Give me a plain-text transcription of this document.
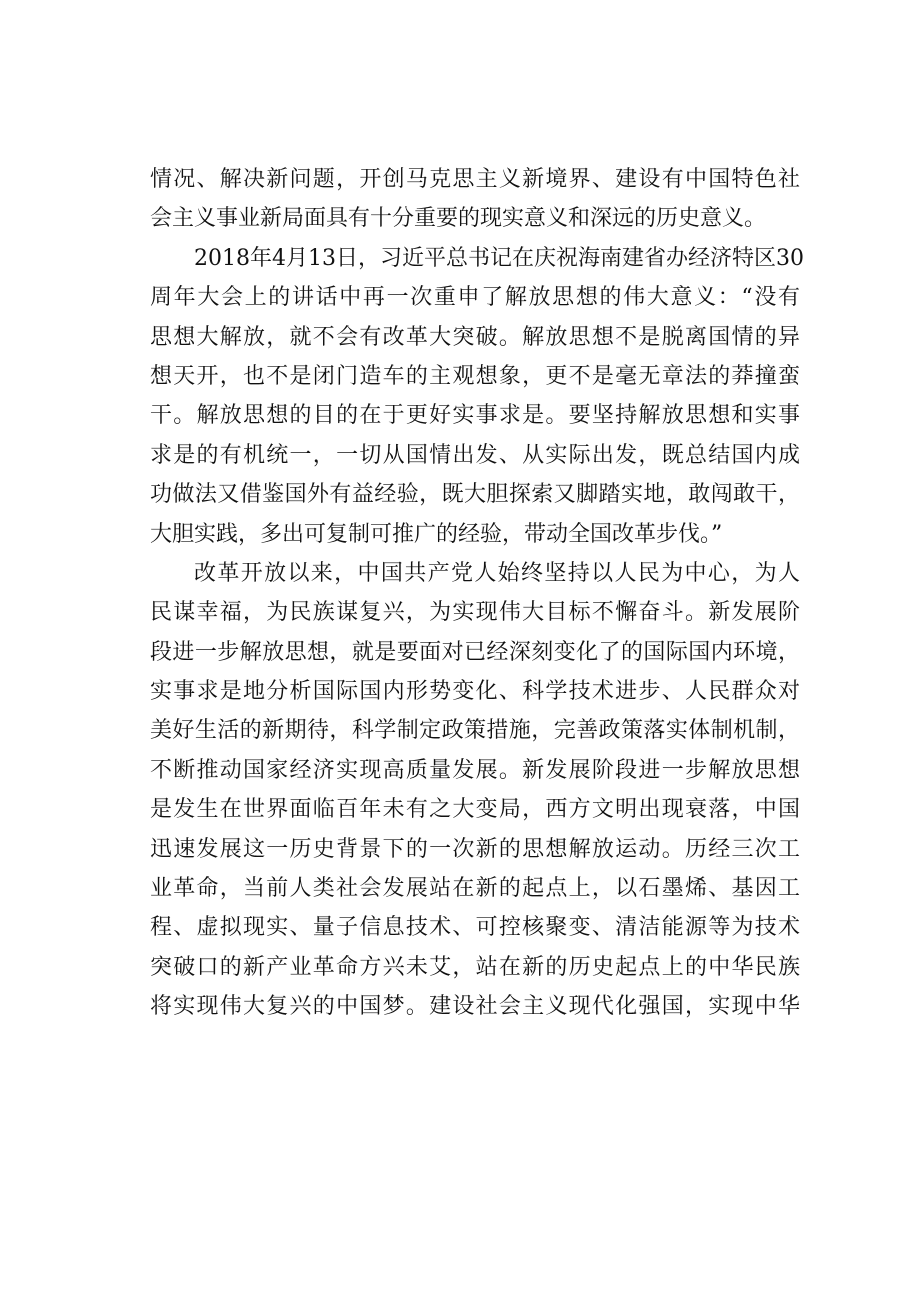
情况、解决新问题，开创马克思主义新境界、建设有中国特色社
会主义事业新局面具有十分重要的现实意义和深远的历史意义。
2018年4月13日，习近平总书记在庆祝海南建省办经济特区30
周年大会上的讲话中再一次重申了解放思想的伟大意义：“没有
思想大解放，就不会有改革大突破。解放思想不是脱离国情的异
想天开，也不是闭门造车的主观想象，更不是毫无章法的莽撞蛮
干。解放思想的目的在于更好实事求是。要坚持解放思想和实事
求是的有机统一，一切从国情出发、从实际出发，既总结国内成
功做法又借鉴国外有益经验，既大胆探索又脚踏实地，敢闯敢干，
大胆实践，多出可复制可推广的经验，带动全国改革步伐。”
改革开放以来，中国共产党人始终坚持以人民为中心，为人
民谋幸福，为民族谋复兴，为实现伟大目标不懈奋斗。新发展阶
段进一步解放思想，就是要面对已经深刻变化了的国际国内环境，
实事求是地分析国际国内形势变化、科学技术进步、人民群众对
美好生活的新期待，科学制定政策措施，完善政策落实体制机制，
不断推动国家经济实现高质量发展。新发展阶段进一步解放思想
是发生在世界面临百年未有之大变局，西方文明出现衰落，中国
迅速发展这一历史背景下的一次新的思想解放运动。历经三次工
业革命，当前人类社会发展站在新的起点上，以石墨烯、基因工
程、虚拟现实、量子信息技术、可控核聚变、清洁能源等为技术
突破口的新产业革命方兴未艾，站在新的历史起点上的中华民族
将实现伟大复兴的中国梦。建设社会主义现代化强国，实现中华
